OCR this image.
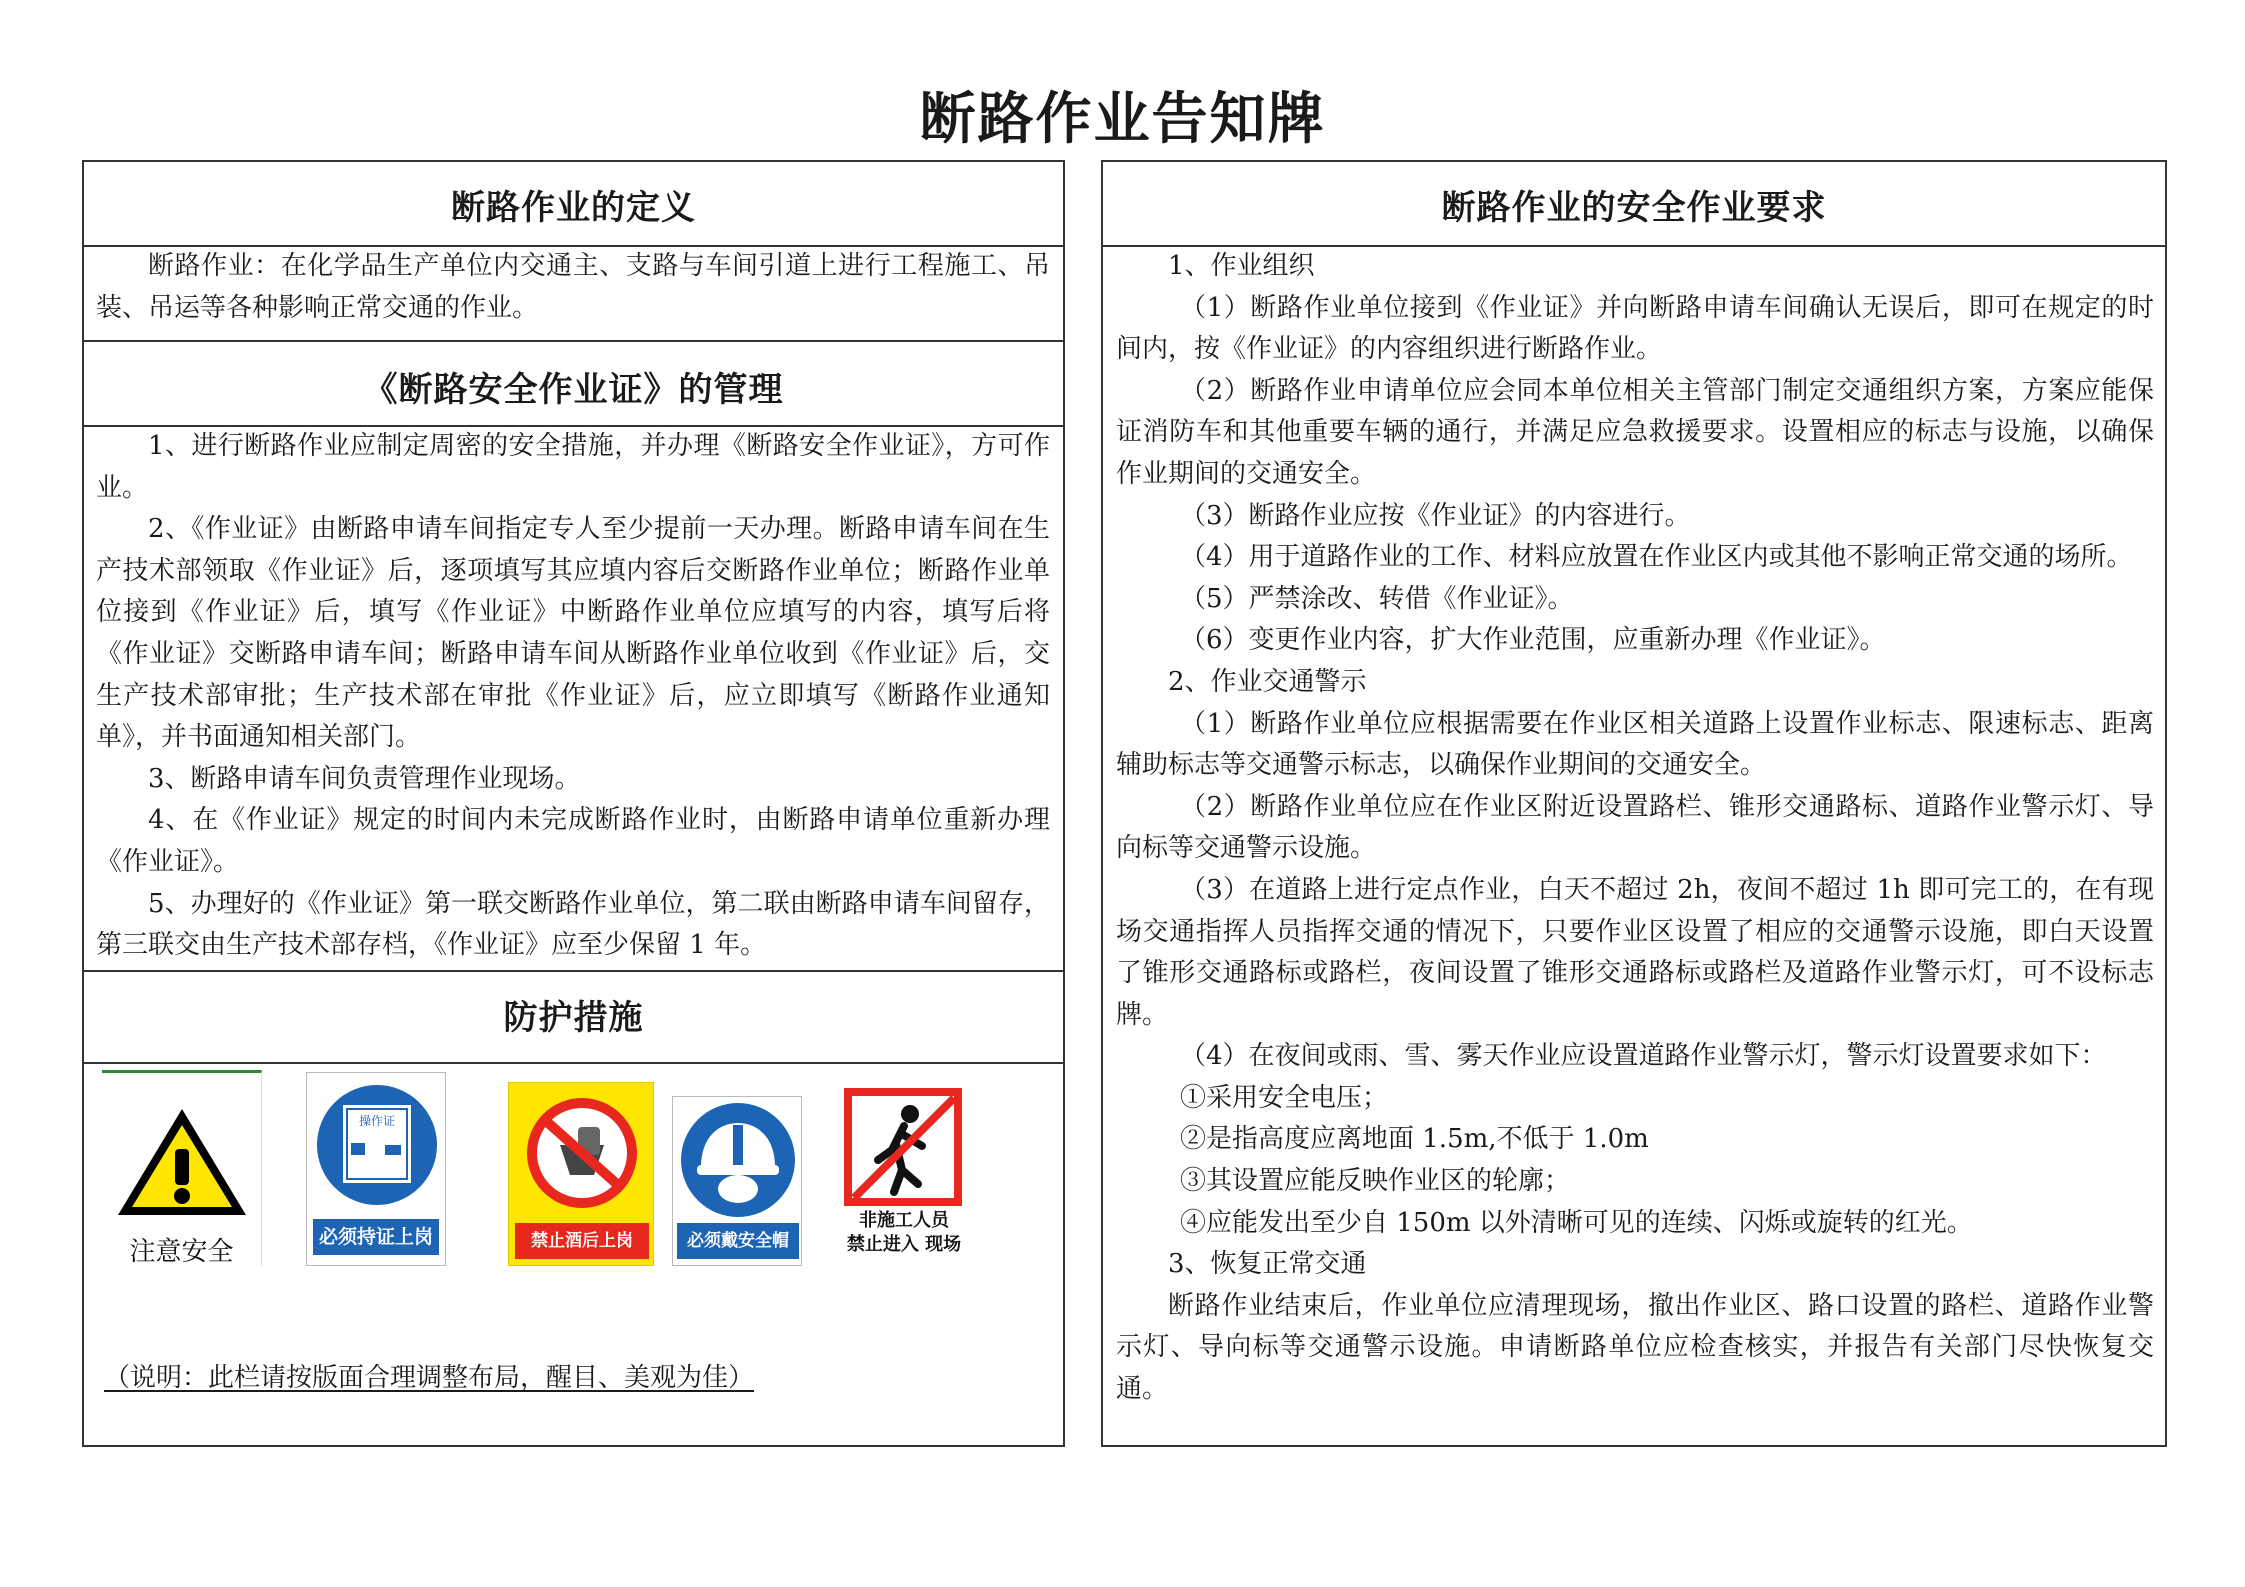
断路作业告知牌
断路作业的定义

断路作业：在化学品生产单位内交通主、支路与车间引道上进行工程施工、吊装、吊运等各种影响正常交通的作业。

《断路安全作业证》的管理

1、进行断路作业应制定周密的安全措施，并办理《断路安全作业证》，方可作业。

2、《作业证》由断路申请车间指定专人至少提前一天办理。断路申请车间在生产技术部领取《作业证》后，逐项填写其应填内容后交断路作业单位；断路作业单位接到《作业证》后，填写《作业证》中断路作业单位应填写的内容，填写后将《作业证》交断路申请车间；断路申请车间从断路作业单位收到《作业证》后，交生产技术部审批；生产技术部在审批《作业证》后，应立即填写《断路作业通知单》，并书面通知相关部门。

3、断路申请车间负责管理作业现场。

4、在《作业证》规定的时间内未完成断路作业时，由断路申请单位重新办理《作业证》。

5、办理好的《作业证》第一联交断路作业单位，第二联由断路申请车间留存，第三联交由生产技术部存档，《作业证》应至少保留 1 年。

防护措施
注意安全
操作证
必须持证上岗	禁止酒后上岗	必须戴安全帽
非施工人员
禁止进入 现场
（说明：此栏请按版面合理调整布局，醒目、美观为佳）
断路作业的安全作业要求

1、作业组织

（1）断路作业单位接到《作业证》并向断路申请车间确认无误后，即可在规定的时间内，按《作业证》的内容组织进行断路作业。

（2）断路作业申请单位应会同本单位相关主管部门制定交通组织方案，方案应能保证消防车和其他重要车辆的通行，并满足应急救援要求。设置相应的标志与设施，以确保作业期间的交通安全。

（3）断路作业应按《作业证》的内容进行。

（4）用于道路作业的工作、材料应放置在作业区内或其他不影响正常交通的场所。

（5）严禁涂改、转借《作业证》。

（6）变更作业内容，扩大作业范围，应重新办理《作业证》。

2、作业交通警示

（1）断路作业单位应根据需要在作业区相关道路上设置作业标志、限速标志、距离辅助标志等交通警示标志，以确保作业期间的交通安全。

（2）断路作业单位应在作业区附近设置路栏、锥形交通路标、道路作业警示灯、导向标等交通警示设施。

（3）在道路上进行定点作业，白天不超过 2h，夜间不超过 1h 即可完工的，在有现场交通指挥人员指挥交通的情况下，只要作业区设置了相应的交通警示设施，即白天设置了锥形交通路标或路栏，夜间设置了锥形交通路标或路栏及道路作业警示灯，可不设标志牌。

（4）在夜间或雨、雪、雾天作业应设置道路作业警示灯，警示灯设置要求如下：

①采用安全电压；

②是指高度应离地面 1.5m,不低于 1.0m

③其设置应能反映作业区的轮廓；

④应能发出至少自 150m 以外清晰可见的连续、闪烁或旋转的红光。

3、恢复正常交通

断路作业结束后，作业单位应清理现场，撤出作业区、路口设置的路栏、道路作业警示灯、导向标等交通警示设施。申请断路单位应检查核实，并报告有关部门尽快恢复交通。
